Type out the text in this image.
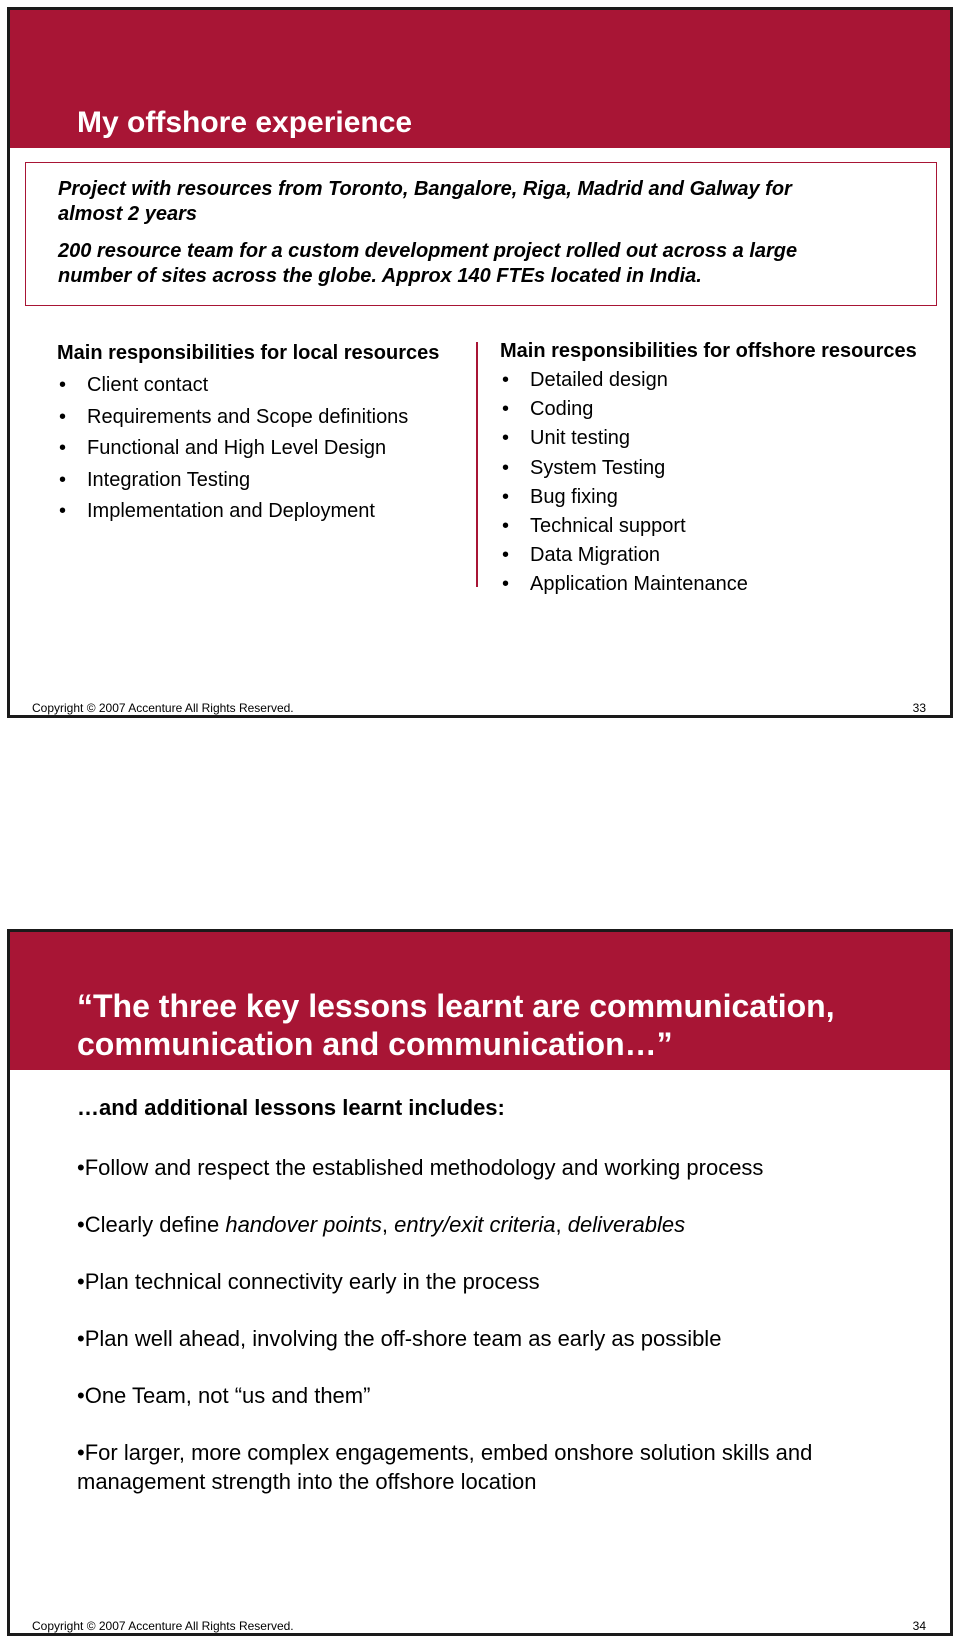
My offshore experience

Project with resources from Toronto, Bangalore, Riga, Madrid and Galway for almost 2 years

200 resource team for a custom development project rolled out across a large number of sites across the globe. Approx 140 FTEs located in India.

Main responsibilities for local resources
• Client contact
• Requirements and Scope definitions
• Functional and High Level Design
• Integration Testing
• Implementation and Deployment
Main responsibilities for offshore resources
• Detailed design
• Coding
• Unit testing
• System Testing
• Bug fixing
• Technical support
• Data Migration
• Application Maintenance
Copyright © 2007 Accenture All Rights Reserved.	33
“The three key lessons learnt are communication, communication and communication…”
…and additional lessons learnt includes:
•Follow and respect the established methodology and working process
•Clearly define handover points, entry/exit criteria, deliverables
•Plan technical connectivity early in the process
•Plan well ahead, involving the off-shore team as early as possible
•One Team, not “us and them”
•For larger, more complex engagements, embed onshore solution skills and management strength into the offshore location
Copyright © 2007 Accenture All Rights Reserved.	34
